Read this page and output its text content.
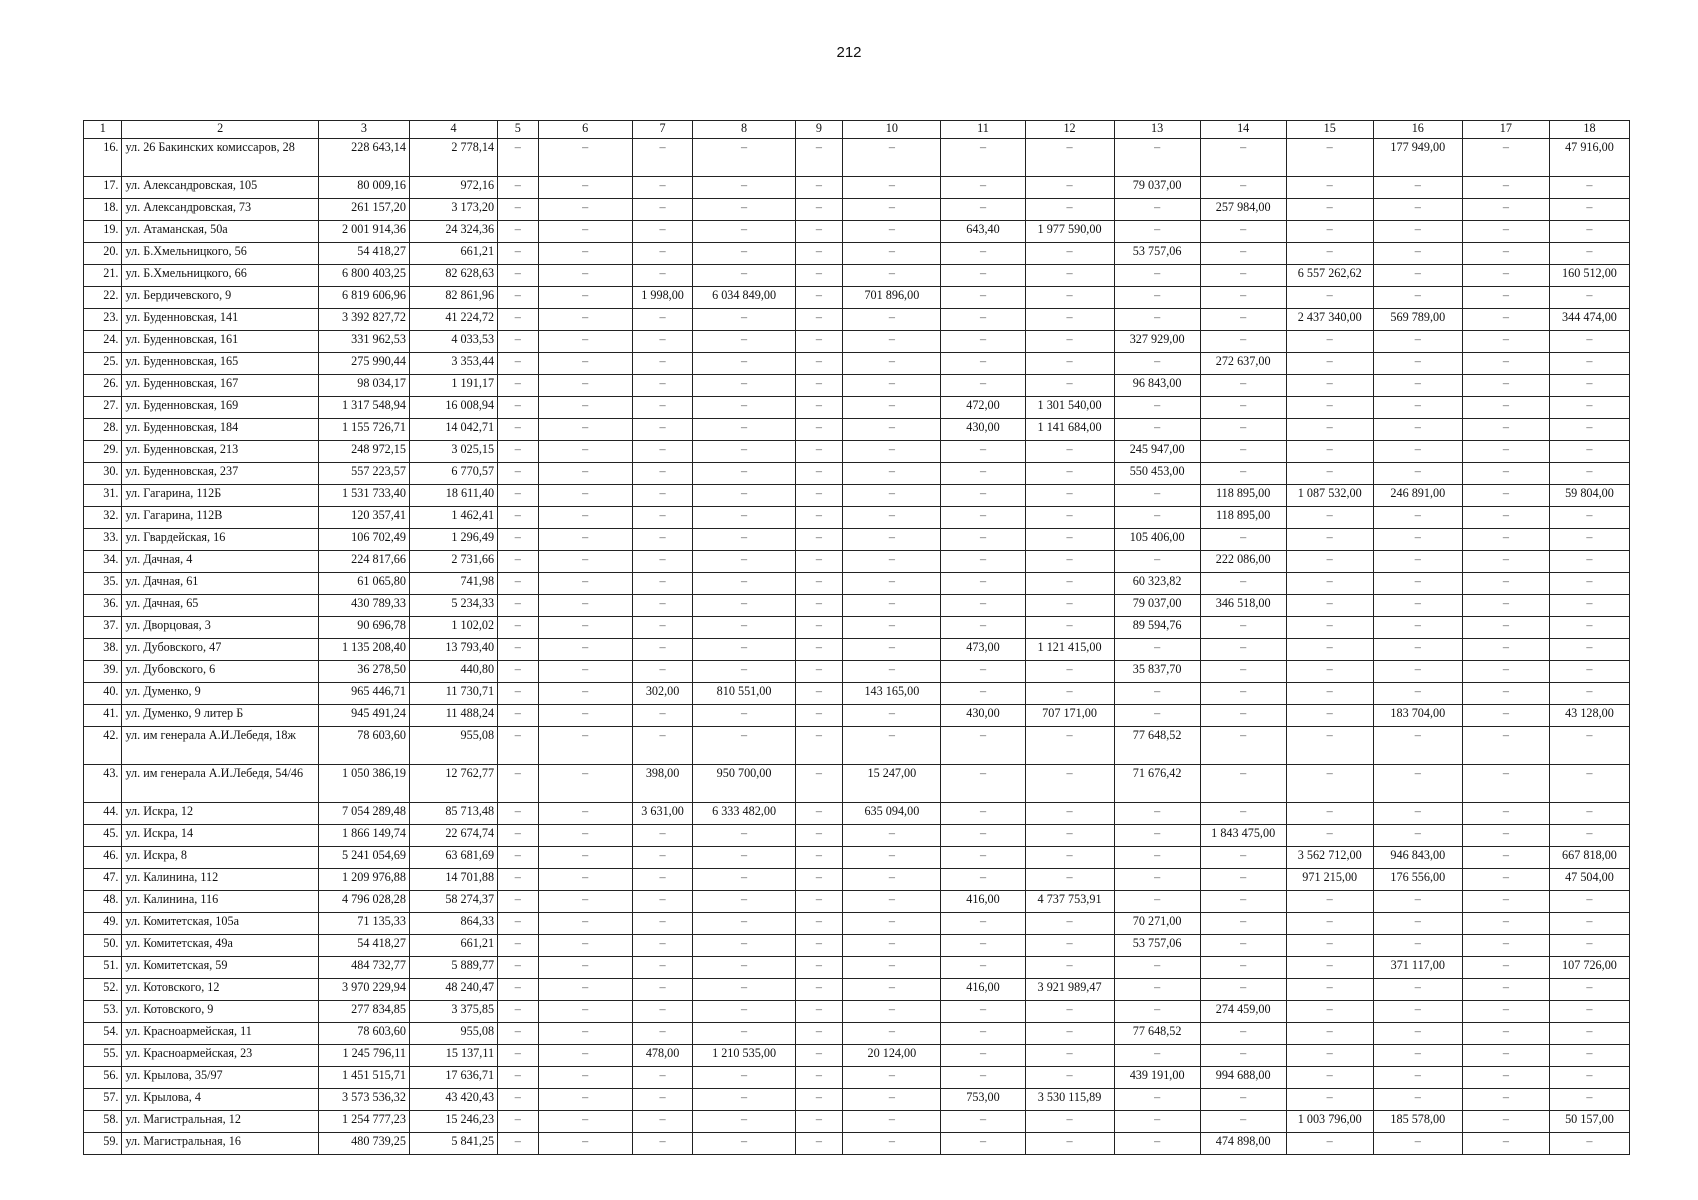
212
1	2	3	4	5	6	7	8	9	10	11	12	13	14	15	16	17	18
16.	ул. 26 Бакинских комиссаров, 28	228 643,14	2 778,14	–	–	–	–	–	–	–	–	–	–	–	177 949,00	–	47 916,00
17.	ул. Александровская, 105	80 009,16	972,16	–	–	–	–	–	–	–	–	79 037,00	–	–	–	–	–
18.	ул. Александровская, 73	261 157,20	3 173,20	–	–	–	–	–	–	–	–	–	257 984,00	–	–	–	–
19.	ул. Атаманская, 50а	2 001 914,36	24 324,36	–	–	–	–	–	–	643,40	1 977 590,00	–	–	–	–	–	–
20.	ул. Б.Хмельницкого, 56	54 418,27	661,21	–	–	–	–	–	–	–	–	53 757,06	–	–	–	–	–
21.	ул. Б.Хмельницкого, 66	6 800 403,25	82 628,63	–	–	–	–	–	–	–	–	–	–	6 557 262,62	–	–	160 512,00
22.	ул. Бердичевского, 9	6 819 606,96	82 861,96	–	–	1 998,00	6 034 849,00	–	701 896,00	–	–	–	–	–	–	–	–
23.	ул. Буденновская, 141	3 392 827,72	41 224,72	–	–	–	–	–	–	–	–	–	–	2 437 340,00	569 789,00	–	344 474,00
24.	ул. Буденновская, 161	331 962,53	4 033,53	–	–	–	–	–	–	–	–	327 929,00	–	–	–	–	–
25.	ул. Буденновская, 165	275 990,44	3 353,44	–	–	–	–	–	–	–	–	–	272 637,00	–	–	–	–
26.	ул. Буденновская, 167	98 034,17	1 191,17	–	–	–	–	–	–	–	–	96 843,00	–	–	–	–	–
27.	ул. Буденновская, 169	1 317 548,94	16 008,94	–	–	–	–	–	–	472,00	1 301 540,00	–	–	–	–	–	–
28.	ул. Буденновская, 184	1 155 726,71	14 042,71	–	–	–	–	–	–	430,00	1 141 684,00	–	–	–	–	–	–
29.	ул. Буденновская, 213	248 972,15	3 025,15	–	–	–	–	–	–	–	–	245 947,00	–	–	–	–	–
30.	ул. Буденновская, 237	557 223,57	6 770,57	–	–	–	–	–	–	–	–	550 453,00	–	–	–	–	–
31.	ул. Гагарина, 112Б	1 531 733,40	18 611,40	–	–	–	–	–	–	–	–	–	118 895,00	1 087 532,00	246 891,00	–	59 804,00
32.	ул. Гагарина, 112В	120 357,41	1 462,41	–	–	–	–	–	–	–	–	–	118 895,00	–	–	–	–
33.	ул. Гвардейская, 16	106 702,49	1 296,49	–	–	–	–	–	–	–	–	105 406,00	–	–	–	–	–
34.	ул. Дачная, 4	224 817,66	2 731,66	–	–	–	–	–	–	–	–	–	222 086,00	–	–	–	–
35.	ул. Дачная, 61	61 065,80	741,98	–	–	–	–	–	–	–	–	60 323,82	–	–	–	–	–
36.	ул. Дачная, 65	430 789,33	5 234,33	–	–	–	–	–	–	–	–	79 037,00	346 518,00	–	–	–	–
37.	ул. Дворцовая, 3	90 696,78	1 102,02	–	–	–	–	–	–	–	–	89 594,76	–	–	–	–	–
38.	ул. Дубовского, 47	1 135 208,40	13 793,40	–	–	–	–	–	–	473,00	1 121 415,00	–	–	–	–	–	–
39.	ул. Дубовского, 6	36 278,50	440,80	–	–	–	–	–	–	–	–	35 837,70	–	–	–	–	–
40.	ул. Думенко, 9	965 446,71	11 730,71	–	–	302,00	810 551,00	–	143 165,00	–	–	–	–	–	–	–	–
41.	ул. Думенко, 9 литер Б	945 491,24	11 488,24	–	–	–	–	–	–	430,00	707 171,00	–	–	–	183 704,00	–	43 128,00
42.	ул. им генерала А.И.Лебедя, 18ж	78 603,60	955,08	–	–	–	–	–	–	–	–	77 648,52	–	–	–	–	–
43.	ул. им генерала А.И.Лебедя, 54/46	1 050 386,19	12 762,77	–	–	398,00	950 700,00	–	15 247,00	–	–	71 676,42	–	–	–	–	–
44.	ул. Искра, 12	7 054 289,48	85 713,48	–	–	3 631,00	6 333 482,00	–	635 094,00	–	–	–	–	–	–	–	–
45.	ул. Искра, 14	1 866 149,74	22 674,74	–	–	–	–	–	–	–	–	–	1 843 475,00	–	–	–	–
46.	ул. Искра, 8	5 241 054,69	63 681,69	–	–	–	–	–	–	–	–	–	–	3 562 712,00	946 843,00	–	667 818,00
47.	ул. Калинина, 112	1 209 976,88	14 701,88	–	–	–	–	–	–	–	–	–	–	971 215,00	176 556,00	–	47 504,00
48.	ул. Калинина, 116	4 796 028,28	58 274,37	–	–	–	–	–	–	416,00	4 737 753,91	–	–	–	–	–	–
49.	ул. Комитетская, 105а	71 135,33	864,33	–	–	–	–	–	–	–	–	70 271,00	–	–	–	–	–
50.	ул. Комитетская, 49а	54 418,27	661,21	–	–	–	–	–	–	–	–	53 757,06	–	–	–	–	–
51.	ул. Комитетская, 59	484 732,77	5 889,77	–	–	–	–	–	–	–	–	–	–	–	371 117,00	–	107 726,00
52.	ул. Котовского, 12	3 970 229,94	48 240,47	–	–	–	–	–	–	416,00	3 921 989,47	–	–	–	–	–	–
53.	ул. Котовского, 9	277 834,85	3 375,85	–	–	–	–	–	–	–	–	–	274 459,00	–	–	–	–
54.	ул. Красноармейская, 11	78 603,60	955,08	–	–	–	–	–	–	–	–	77 648,52	–	–	–	–	–
55.	ул. Красноармейская, 23	1 245 796,11	15 137,11	–	–	478,00	1 210 535,00	–	20 124,00	–	–	–	–	–	–	–	–
56.	ул. Крылова, 35/97	1 451 515,71	17 636,71	–	–	–	–	–	–	–	–	439 191,00	994 688,00	–	–	–	–
57.	ул. Крылова, 4	3 573 536,32	43 420,43	–	–	–	–	–	–	753,00	3 530 115,89	–	–	–	–	–	–
58.	ул. Магистральная, 12	1 254 777,23	15 246,23	–	–	–	–	–	–	–	–	–	–	1 003 796,00	185 578,00	–	50 157,00
59.	ул. Магистральная, 16	480 739,25	5 841,25	–	–	–	–	–	–	–	–	–	474 898,00	–	–	–	–
